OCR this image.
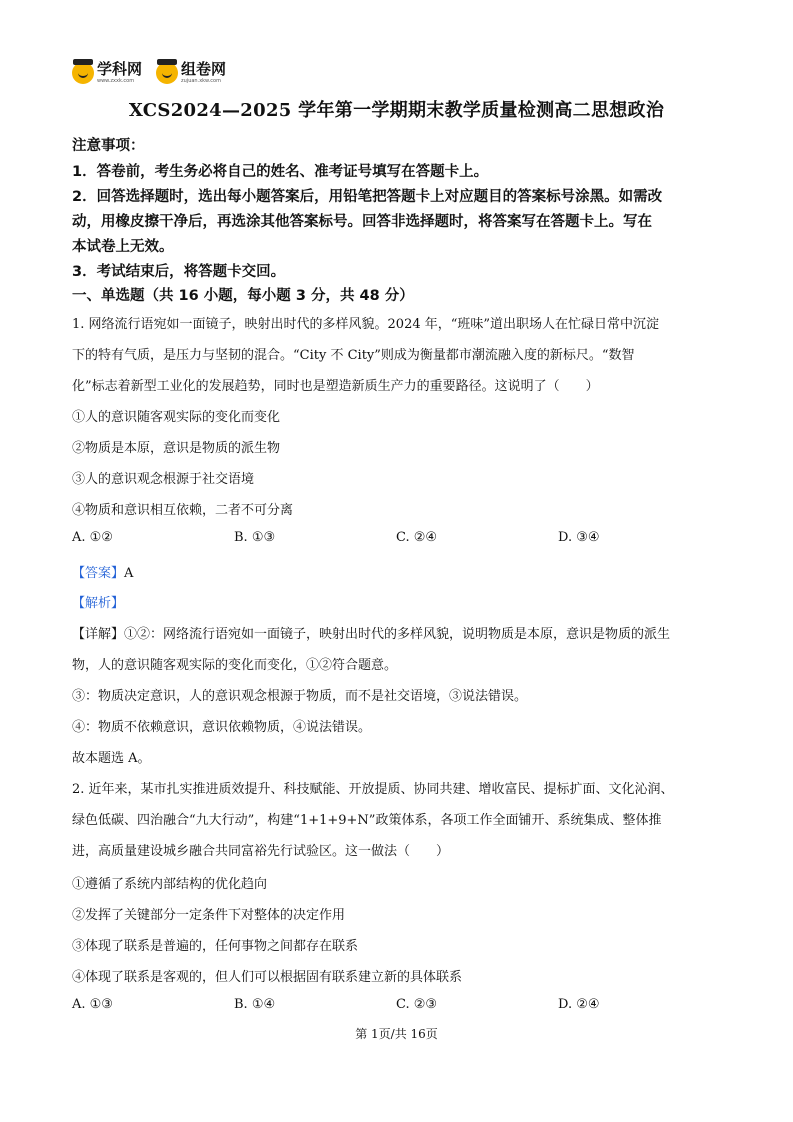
学科网
www.zxxk.com
组卷网
zujuan.xkw.com
XCS2024—2025 学年第一学期期末教学质量检测高二思想政治
注意事项：
1．答卷前，考生务必将自己的姓名、准考证号填写在答题卡上。
2．回答选择题时，选出每小题答案后，用铅笔把答题卡上对应题目的答案标号涂黑。如需改
动，用橡皮擦干净后，再选涂其他答案标号。回答非选择题时，将答案写在答题卡上。写在
本试卷上无效。
3．考试结束后，将答题卡交回。
一、单选题（共 16 小题，每小题 3 分，共 48 分）
1. 网络流行语宛如一面镜子，映射出时代的多样风貌。2024 年，“班味”道出职场人在忙碌日常中沉淀
下的特有气质，是压力与坚韧的混合。“City 不 City”则成为衡量都市潮流融入度的新标尺。“数智
化”标志着新型工业化的发展趋势，同时也是塑造新质生产力的重要路径。这说明了（　　）
①人的意识随客观实际的变化而变化
②物质是本原，意识是物质的派生物
③人的意识观念根源于社交语境
④物质和意识相互依赖，二者不可分离
A. ①②	B. ①③	C. ②④	D. ③④
【答案】A
【解析】
【详解】①②：网络流行语宛如一面镜子，映射出时代的多样风貌，说明物质是本原，意识是物质的派生
物，人的意识随客观实际的变化而变化，①②符合题意。
③：物质决定意识，人的意识观念根源于物质，而不是社交语境，③说法错误。
④：物质不依赖意识，意识依赖物质，④说法错误。
故本题选 A。
2. 近年来，某市扎实推进质效提升、科技赋能、开放提质、协同共建、增收富民、提标扩面、文化沁润、
绿色低碳、四治融合“九大行动”，构建“1+1+9+N”政策体系，各项工作全面铺开、系统集成、整体推
进，高质量建设城乡融合共同富裕先行试验区。这一做法（　　）
①遵循了系统内部结构的优化趋向
②发挥了关键部分一定条件下对整体的决定作用
③体现了联系是普遍的，任何事物之间都存在联系
④体现了联系是客观的，但人们可以根据固有联系建立新的具体联系
A. ①③	B. ①④	C. ②③	D. ②④
第 1页/共 16页
